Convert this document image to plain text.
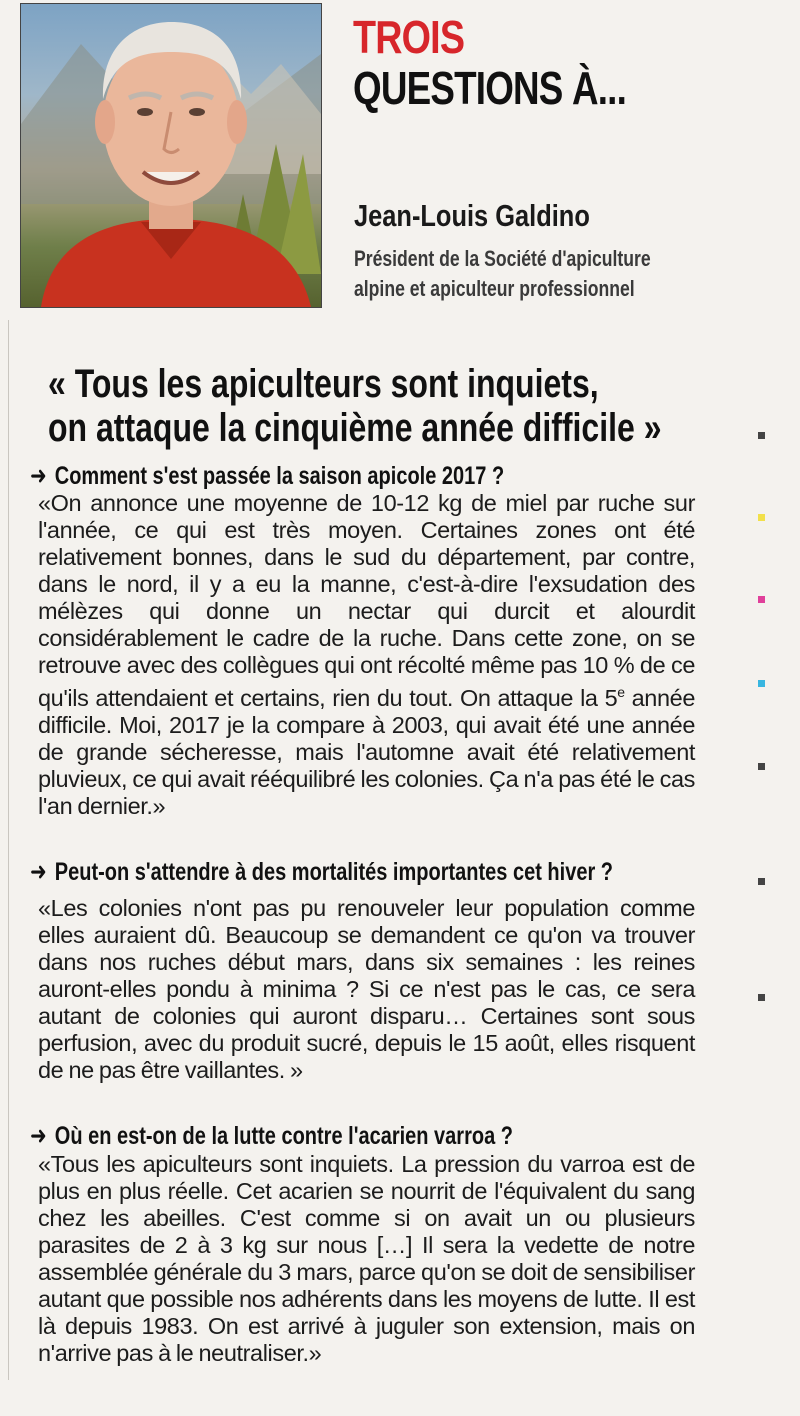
TROIS
QUESTIONS À...
Jean-Louis Galdino

Président de la Société d'apiculture
alpine et apiculteur professionnel

« Tous les apiculteurs sont inquiets,
on attaque la cinquième année difficile »
➜ Comment s'est passée la saison apicole 2017 ?

«On annonce une moyenne de 10-12 kg de miel par ruche sur l'année, ce qui est très moyen. Certaines zones ont été relativement bonnes, dans le sud du département, par contre, dans le nord, il y a eu la manne, c'est-à-dire l'exsudation des mélèzes qui donne un nectar qui durcit et alourdit considérablement le cadre de la ruche. Dans cette zone, on se retrouve avec des collègues qui ont récolté même pas 10 % de ce qu'ils attendaient et certains, rien du tout. On attaque la 5e année difficile. Moi, 2017 je la compare à 2003, qui avait été une année de grande sécheresse, mais l'automne avait été relativement pluvieux, ce qui avait rééquilibré les colonies. Ça n'a pas été le cas l'an dernier.»

➜ Peut-on s'attendre à des mortalités importantes cet hiver ?

«Les colonies n'ont pas pu renouveler leur population comme elles auraient dû. Beaucoup se demandent ce qu'on va trouver dans nos ruches début mars, dans six semaines : les reines auront-elles pondu à minima ? Si ce n'est pas le cas, ce sera autant de colonies qui auront disparu… Certaines sont sous perfusion, avec du produit sucré, depuis le 15 août, elles risquent de ne pas être vaillantes. »

➜ Où en est-on de la lutte contre l'acarien varroa ?

«Tous les apiculteurs sont inquiets. La pression du varroa est de plus en plus réelle. Cet acarien se nourrit de l'équivalent du sang chez les abeilles. C'est comme si on avait un ou plusieurs parasites de 2 à 3 kg sur nous […] Il sera la vedette de notre assemblée générale du 3 mars, parce qu'on se doit de sensibiliser autant que possible nos adhérents dans les moyens de lutte. Il est là depuis 1983. On est arrivé à juguler son extension, mais on n'arrive pas à le neutraliser.»
